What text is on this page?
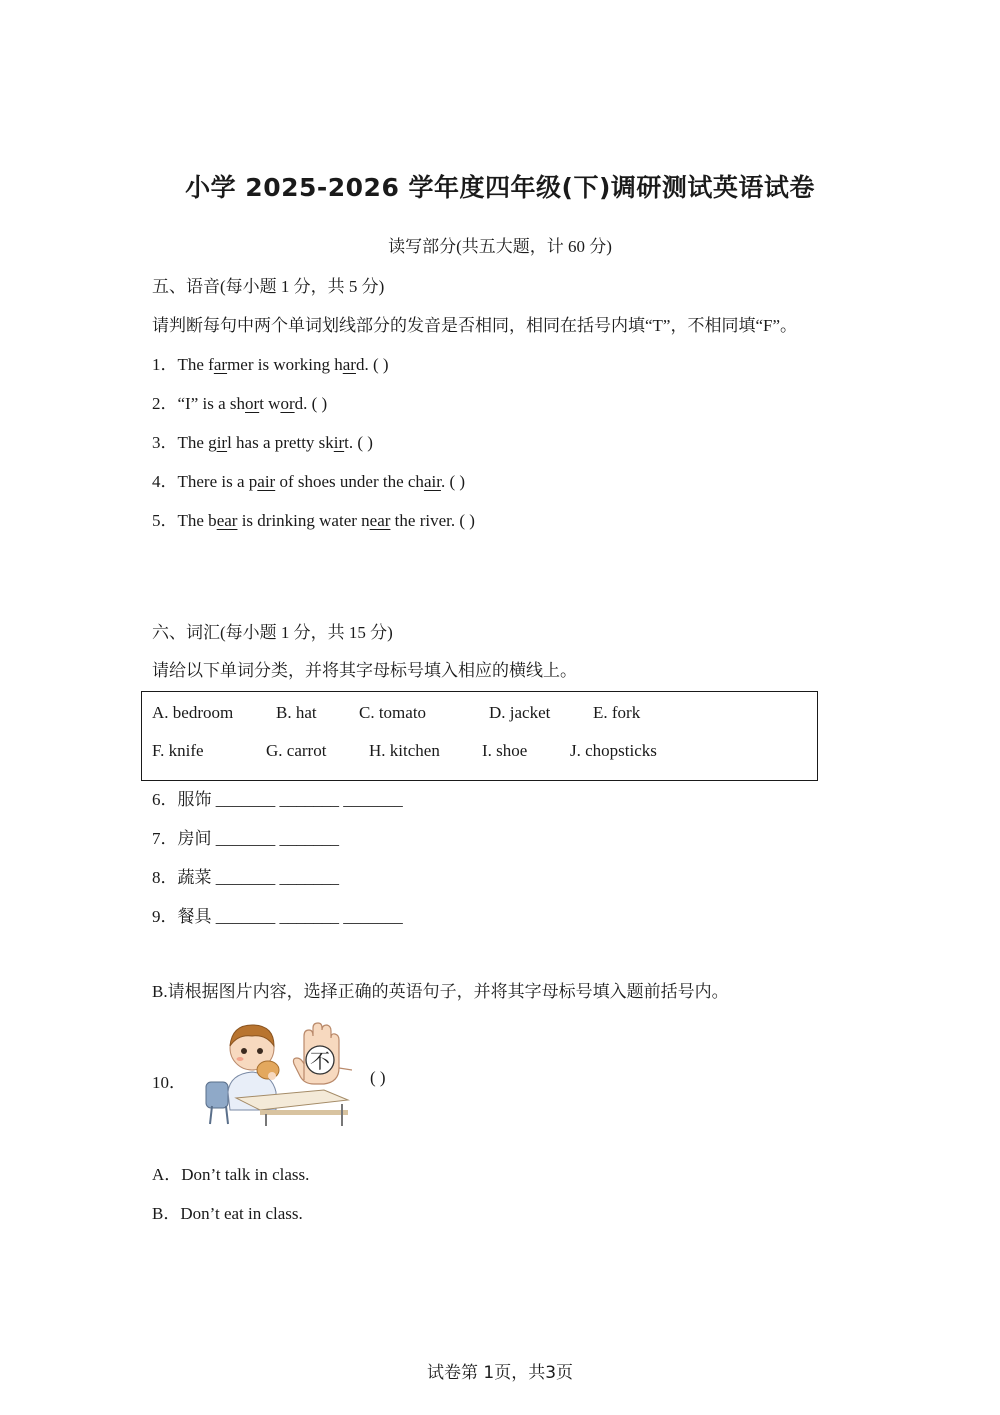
小学 2025-2026 学年度四年级(下)调研测试英语试卷
读写部分(共五大题，计 60 分)
五、语音(每小题 1 分，共 5 分)
请判断每句中两个单词划线部分的发音是否相同，相同在括号内填“T”，不相同填“F”。
1．The farmer is working hard. ( )
2．“I” is a short word. ( )
3．The girl has a pretty skirt. ( )
4．There is a pair of shoes under the chair. ( )
5．The bear is drinking water near the river. ( )
六、词汇(每小题 1 分，共 15 分)
请给以下单词分类，并将其字母标号填入相应的横线上。
A. bedroom	B. hat C. tomato	D. jacket	E. fork
F. knife	G. carrot	H. kitchen I. shoe	J. chopsticks
6．服饰 _______ _______ _______
7．房间 _______ _______
8．蔬菜 _______ _______
9．餐具 _______ _______ _______
B.请根据图片内容，选择正确的英语句子，并将其字母标号填入题前括号内。
10．
不
( )
A．Don’t talk in class.
B．Don’t eat in class.
试卷第 1页，共3页
